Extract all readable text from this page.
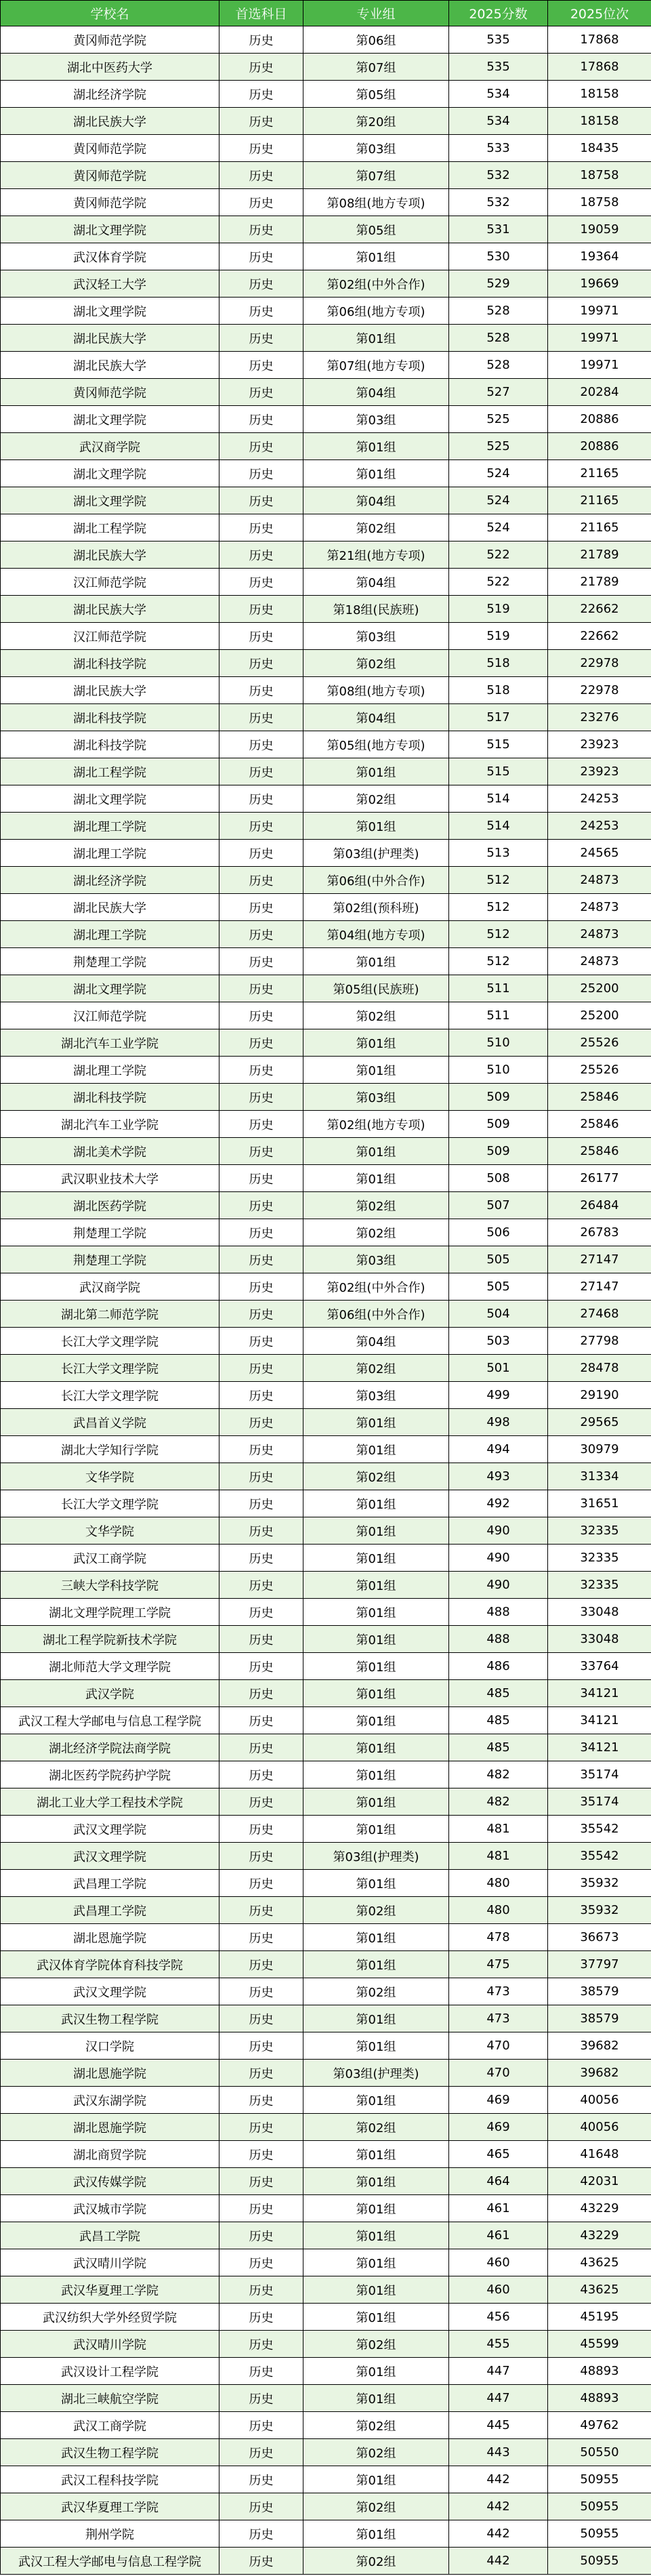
学校名	首选科目	专业组	2025分数	2025位次
黄冈师范学院	历史	第06组	535	17868
湖北中医药大学	历史	第07组	535	17868
湖北经济学院	历史	第05组	534	18158
湖北民族大学	历史	第20组	534	18158
黄冈师范学院	历史	第03组	533	18435
黄冈师范学院	历史	第07组	532	18758
黄冈师范学院	历史	第08组(地方专项)	532	18758
湖北文理学院	历史	第05组	531	19059
武汉体育学院	历史	第01组	530	19364
武汉轻工大学	历史	第02组(中外合作)	529	19669
湖北文理学院	历史	第06组(地方专项)	528	19971
湖北民族大学	历史	第01组	528	19971
湖北民族大学	历史	第07组(地方专项)	528	19971
黄冈师范学院	历史	第04组	527	20284
湖北文理学院	历史	第03组	525	20886
武汉商学院	历史	第01组	525	20886
湖北文理学院	历史	第01组	524	21165
湖北文理学院	历史	第04组	524	21165
湖北工程学院	历史	第02组	524	21165
湖北民族大学	历史	第21组(地方专项)	522	21789
汉江师范学院	历史	第04组	522	21789
湖北民族大学	历史	第18组(民族班)	519	22662
汉江师范学院	历史	第03组	519	22662
湖北科技学院	历史	第02组	518	22978
湖北民族大学	历史	第08组(地方专项)	518	22978
湖北科技学院	历史	第04组	517	23276
湖北科技学院	历史	第05组(地方专项)	515	23923
湖北工程学院	历史	第01组	515	23923
湖北文理学院	历史	第02组	514	24253
湖北理工学院	历史	第01组	514	24253
湖北理工学院	历史	第03组(护理类)	513	24565
湖北经济学院	历史	第06组(中外合作)	512	24873
湖北民族大学	历史	第02组(预科班)	512	24873
湖北理工学院	历史	第04组(地方专项)	512	24873
荆楚理工学院	历史	第01组	512	24873
湖北文理学院	历史	第05组(民族班)	511	25200
汉江师范学院	历史	第02组	511	25200
湖北汽车工业学院	历史	第01组	510	25526
湖北理工学院	历史	第01组	510	25526
湖北科技学院	历史	第03组	509	25846
湖北汽车工业学院	历史	第02组(地方专项)	509	25846
湖北美术学院	历史	第01组	509	25846
武汉职业技术大学	历史	第01组	508	26177
湖北医药学院	历史	第02组	507	26484
荆楚理工学院	历史	第02组	506	26783
荆楚理工学院	历史	第03组	505	27147
武汉商学院	历史	第02组(中外合作)	505	27147
湖北第二师范学院	历史	第06组(中外合作)	504	27468
长江大学文理学院	历史	第04组	503	27798
长江大学文理学院	历史	第02组	501	28478
长江大学文理学院	历史	第03组	499	29190
武昌首义学院	历史	第01组	498	29565
湖北大学知行学院	历史	第01组	494	30979
文华学院	历史	第02组	493	31334
长江大学文理学院	历史	第01组	492	31651
文华学院	历史	第01组	490	32335
武汉工商学院	历史	第01组	490	32335
三峡大学科技学院	历史	第01组	490	32335
湖北文理学院理工学院	历史	第01组	488	33048
湖北工程学院新技术学院	历史	第01组	488	33048
湖北师范大学文理学院	历史	第01组	486	33764
武汉学院	历史	第01组	485	34121
武汉工程大学邮电与信息工程学院	历史	第01组	485	34121
湖北经济学院法商学院	历史	第01组	485	34121
湖北医药学院药护学院	历史	第01组	482	35174
湖北工业大学工程技术学院	历史	第01组	482	35174
武汉文理学院	历史	第01组	481	35542
武汉文理学院	历史	第03组(护理类)	481	35542
武昌理工学院	历史	第01组	480	35932
武昌理工学院	历史	第02组	480	35932
湖北恩施学院	历史	第01组	478	36673
武汉体育学院体育科技学院	历史	第01组	475	37797
武汉文理学院	历史	第02组	473	38579
武汉生物工程学院	历史	第01组	473	38579
汉口学院	历史	第01组	470	39682
湖北恩施学院	历史	第03组(护理类)	470	39682
武汉东湖学院	历史	第01组	469	40056
湖北恩施学院	历史	第02组	469	40056
湖北商贸学院	历史	第01组	465	41648
武汉传媒学院	历史	第01组	464	42031
武汉城市学院	历史	第01组	461	43229
武昌工学院	历史	第01组	461	43229
武汉晴川学院	历史	第01组	460	43625
武汉华夏理工学院	历史	第01组	460	43625
武汉纺织大学外经贸学院	历史	第01组	456	45195
武汉晴川学院	历史	第02组	455	45599
武汉设计工程学院	历史	第01组	447	48893
湖北三峡航空学院	历史	第01组	447	48893
武汉工商学院	历史	第02组	445	49762
武汉生物工程学院	历史	第02组	443	50550
武汉工程科技学院	历史	第01组	442	50955
武汉华夏理工学院	历史	第02组	442	50955
荆州学院	历史	第01组	442	50955
武汉工程大学邮电与信息工程学院	历史	第02组	442	50955
